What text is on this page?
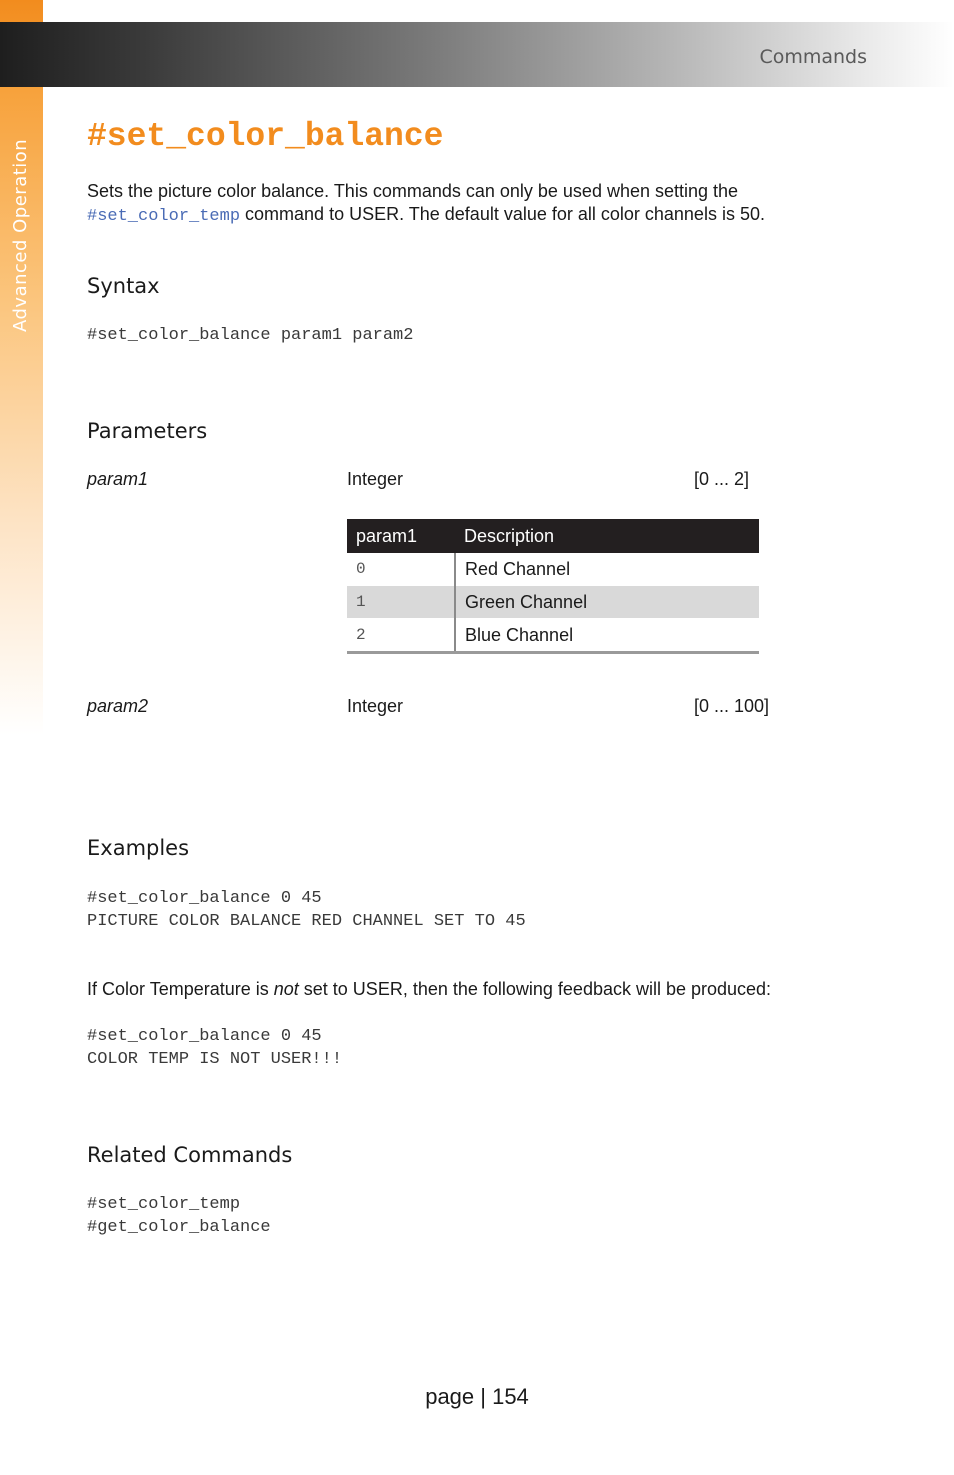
Advanced Operation
Commands
#set_color_balance
Sets the picture color balance. This commands can only be used when setting the
#set_color_temp command to USER. The default value for all color channels is 50.
Syntax
#set_color_balance param1 param2
Parameters
param1	Integer	[0 ... 2]
param1	Description
0	Red Channel
1	Green Channel
2	Blue Channel
param2	Integer	[0 ... 100]
Examples
#set_color_balance 0 45
PICTURE COLOR BALANCE RED CHANNEL SET TO 45
If Color Temperature is not set to USER, then the following feedback will be produced:
#set_color_balance 0 45
COLOR TEMP IS NOT USER!!!
Related Commands
#set_color_temp
#get_color_balance
page | 154
